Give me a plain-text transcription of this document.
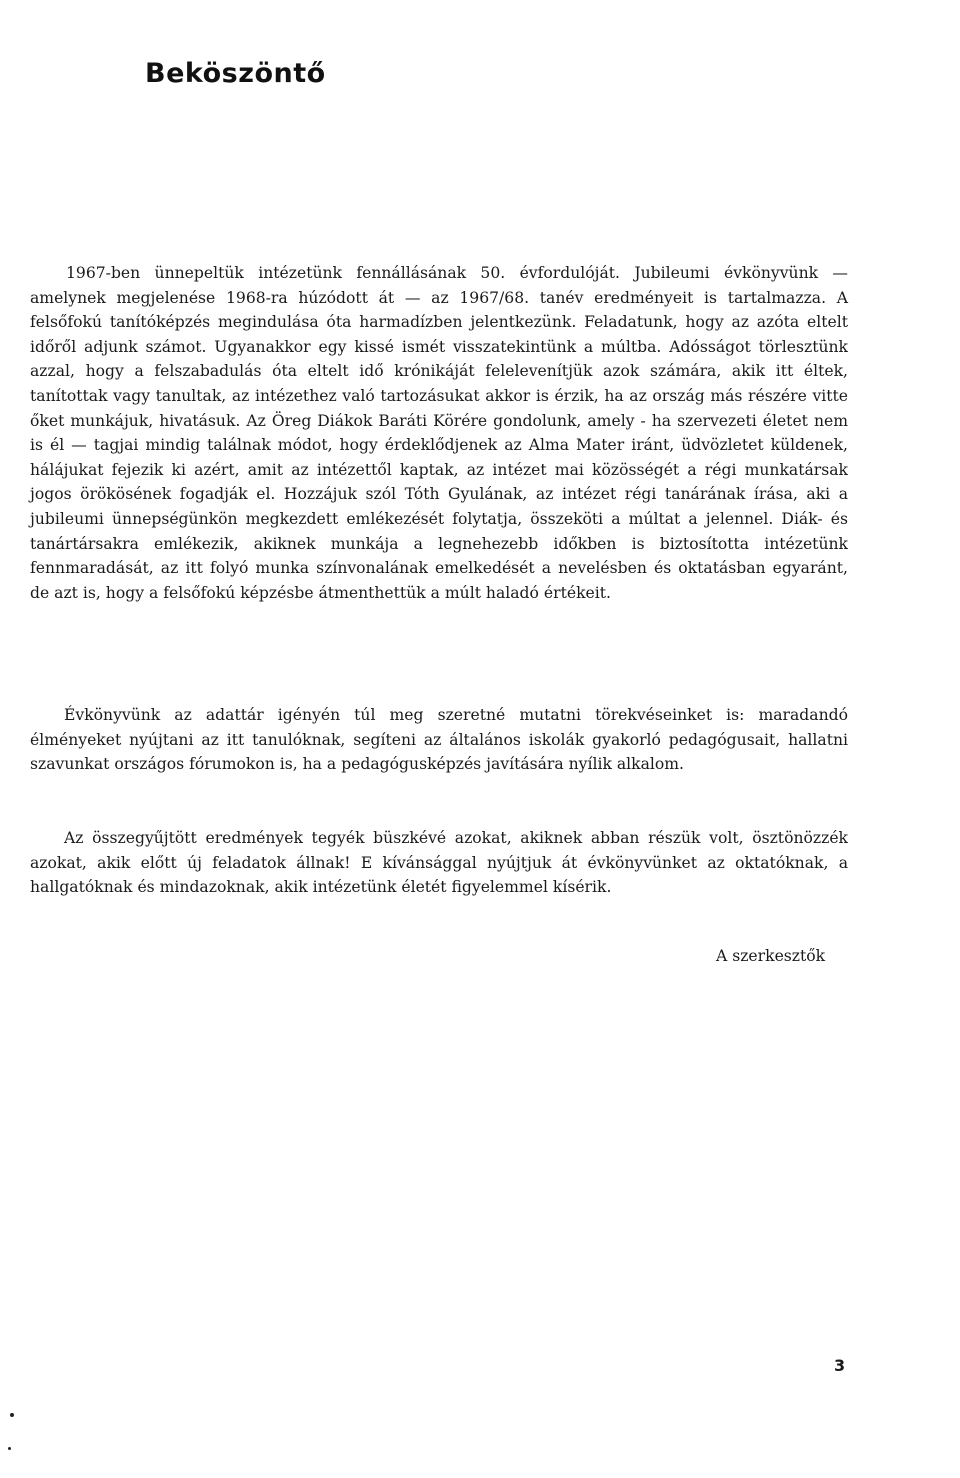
Beköszöntő

1967-ben ünnepeltük intézetünk fennállásának 50. évfordulóját. Jubileumi évkönyvünk — amelynek megjelenése 1968-ra húzódott át — az 1967/68. tanév eredményeit is tartalmazza. A felsőfokú tanítóképzés megindulása óta harmadízben jelentkezünk. Feladatunk, hogy az azóta eltelt időről adjunk számot. Ugyanakkor egy kissé ismét visszatekintünk a múltba. Adósságot törlesztünk azzal, hogy a felszabadulás óta eltelt idő krónikáját felelevenítjük azok számára, akik itt éltek, tanítottak vagy tanultak, az intézethez való tartozásukat akkor is érzik, ha az ország más részére vitte őket munkájuk, hivatásuk. Az Öreg Diákok Baráti Körére gondolunk, amely - ha szervezeti életet nem is él — tagjai mindig találnak módot, hogy érdeklődjenek az Alma Mater iránt, üdvözletet küldenek, hálájukat fejezik ki azért, amit az intézettől kaptak, az intézet mai közösségét a régi munkatársak jogos örökösének fogadják el. Hozzájuk szól Tóth Gyulának, az intézet régi tanárának írása, aki a jubileumi ünnepségünkön megkezdett emlékezését folytatja, összeköti a múltat a jelennel. Diák- és tanártársakra emlékezik, akiknek munkája a legnehezebb időkben is biztosította intézetünk fennmaradását, az itt folyó munka színvonalának emelkedését a nevelésben és oktatásban egyaránt, de azt is, hogy a felsőfokú képzésbe átmenthettük a múlt haladó értékeit.

Évkönyvünk az adattár igényén túl meg szeretné mutatni törekvéseinket is: maradandó élményeket nyújtani az itt tanulóknak, segíteni az általános iskolák gyakorló pedagógusait, hallatni szavunkat országos fórumokon is, ha a pedagógusképzés javítására nyílik alkalom.

Az összegyűjtött eredmények tegyék büszkévé azokat, akiknek abban részük volt, ösztönözzék azokat, akik előtt új feladatok állnak! E kívánsággal nyújtjuk át évkönyvünket az oktatóknak, a hallgatóknak és mindazoknak, akik intézetünk életét figyelemmel kísérik.

A szerkesztők

3
